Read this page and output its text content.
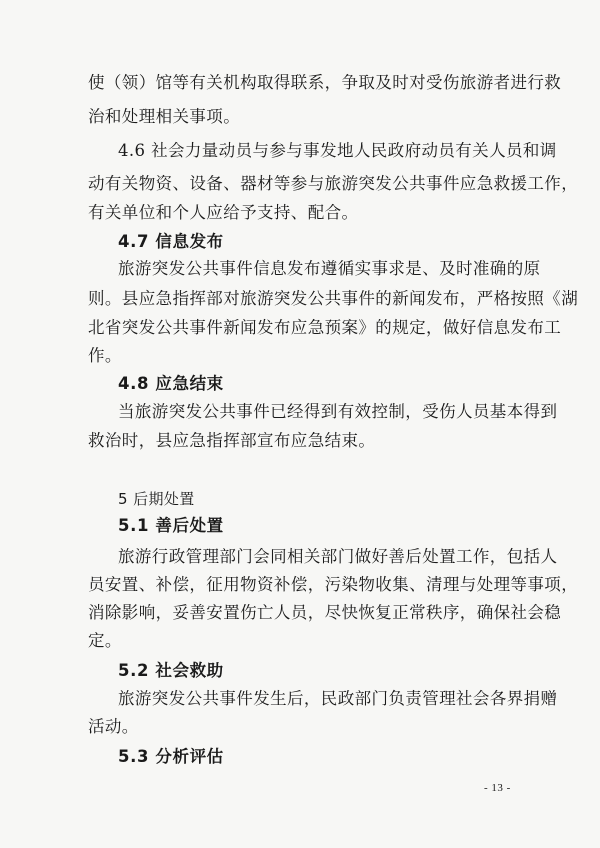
使（领）馆等有关机构取得联系，争取及时对受伤旅游者进行救
治和处理相关事项。
4.6 社会力量动员与参与事发地人民政府动员有关人员和调
动有关物资、设备、器材等参与旅游突发公共事件应急救援工作，
有关单位和个人应给予支持、配合。
4.7 信息发布
旅游突发公共事件信息发布遵循实事求是、及时准确的原
则。县应急指挥部对旅游突发公共事件的新闻发布，严格按照《湖
北省突发公共事件新闻发布应急预案》的规定，做好信息发布工
作。
4.8 应急结束
当旅游突发公共事件已经得到有效控制，受伤人员基本得到
救治时，县应急指挥部宣布应急结束。
5 后期处置
5.1 善后处置
旅游行政管理部门会同相关部门做好善后处置工作，包括人
员安置、补偿，征用物资补偿，污染物收集、清理与处理等事项，
消除影响，妥善安置伤亡人员，尽快恢复正常秩序，确保社会稳
定。
5.2 社会救助
旅游突发公共事件发生后，民政部门负责管理社会各界捐赠
活动。
5.3 分析评估
- 13 -
